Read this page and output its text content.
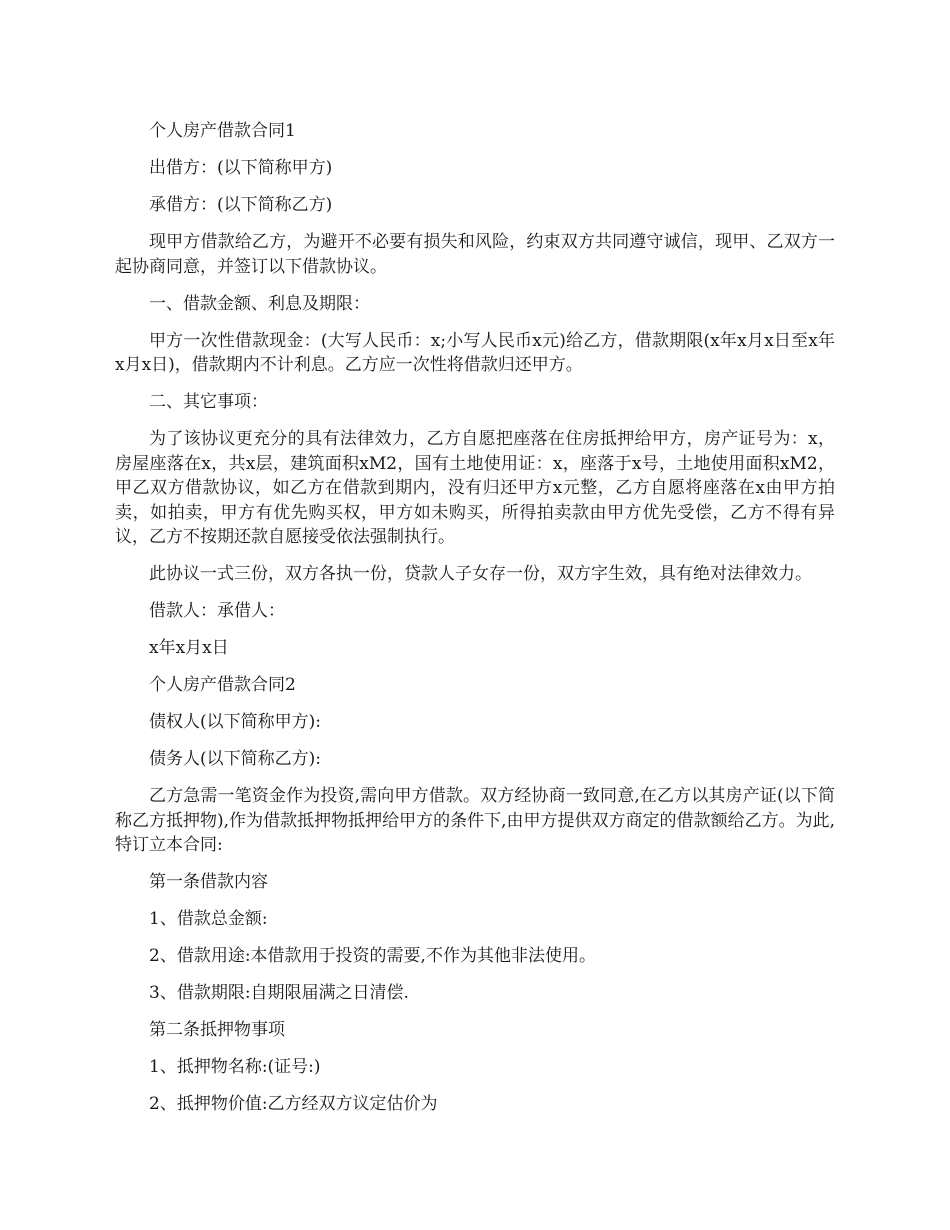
个人房产借款合同1

出借方：(以下简称甲方)

承借方：(以下简称乙方)

现甲方借款给乙方，为避开不必要有损失和风险，约束双方共同遵守诚信，现甲、乙双方一起协商同意，并签订以下借款协议。

一、借款金额、利息及期限：

甲方一次性借款现金：(大写人民币：x;小写人民币x元)给乙方，借款期限(x年x月x日至x年x月x日)，借款期内不计利息。乙方应一次性将借款归还甲方。

二、其它事项：

为了该协议更充分的具有法律效力，乙方自愿把座落在住房抵押给甲方，房产证号为：x，房屋座落在x，共x层，建筑面积xM2，国有土地使用证：x，座落于x号，土地使用面积xM2，甲乙双方借款协议，如乙方在借款到期内，没有归还甲方x元整，乙方自愿将座落在x由甲方拍卖，如拍卖，甲方有优先购买权，甲方如未购买，所得拍卖款由甲方优先受偿，乙方不得有异议，乙方不按期还款自愿接受依法强制执行。

此协议一式三份，双方各执一份，贷款人子女存一份，双方字生效，具有绝对法律效力。

借款人：承借人：

x年x月x日

个人房产借款合同2

债权人(以下简称甲方):

债务人(以下简称乙方):

乙方急需一笔资金作为投资,需向甲方借款。双方经协商一致同意,在乙方以其房产证(以下简称乙方抵押物),作为借款抵押物抵押给甲方的条件下,由甲方提供双方商定的借款额给乙方。为此,特订立本合同:

第一条借款内容

1、借款总金额:

2、借款用途:本借款用于投资的需要,不作为其他非法使用。

3、借款期限:自期限届满之日清偿.

第二条抵押物事项

1、抵押物名称:(证号:)

2、抵押物价值:乙方经双方议定估价为
